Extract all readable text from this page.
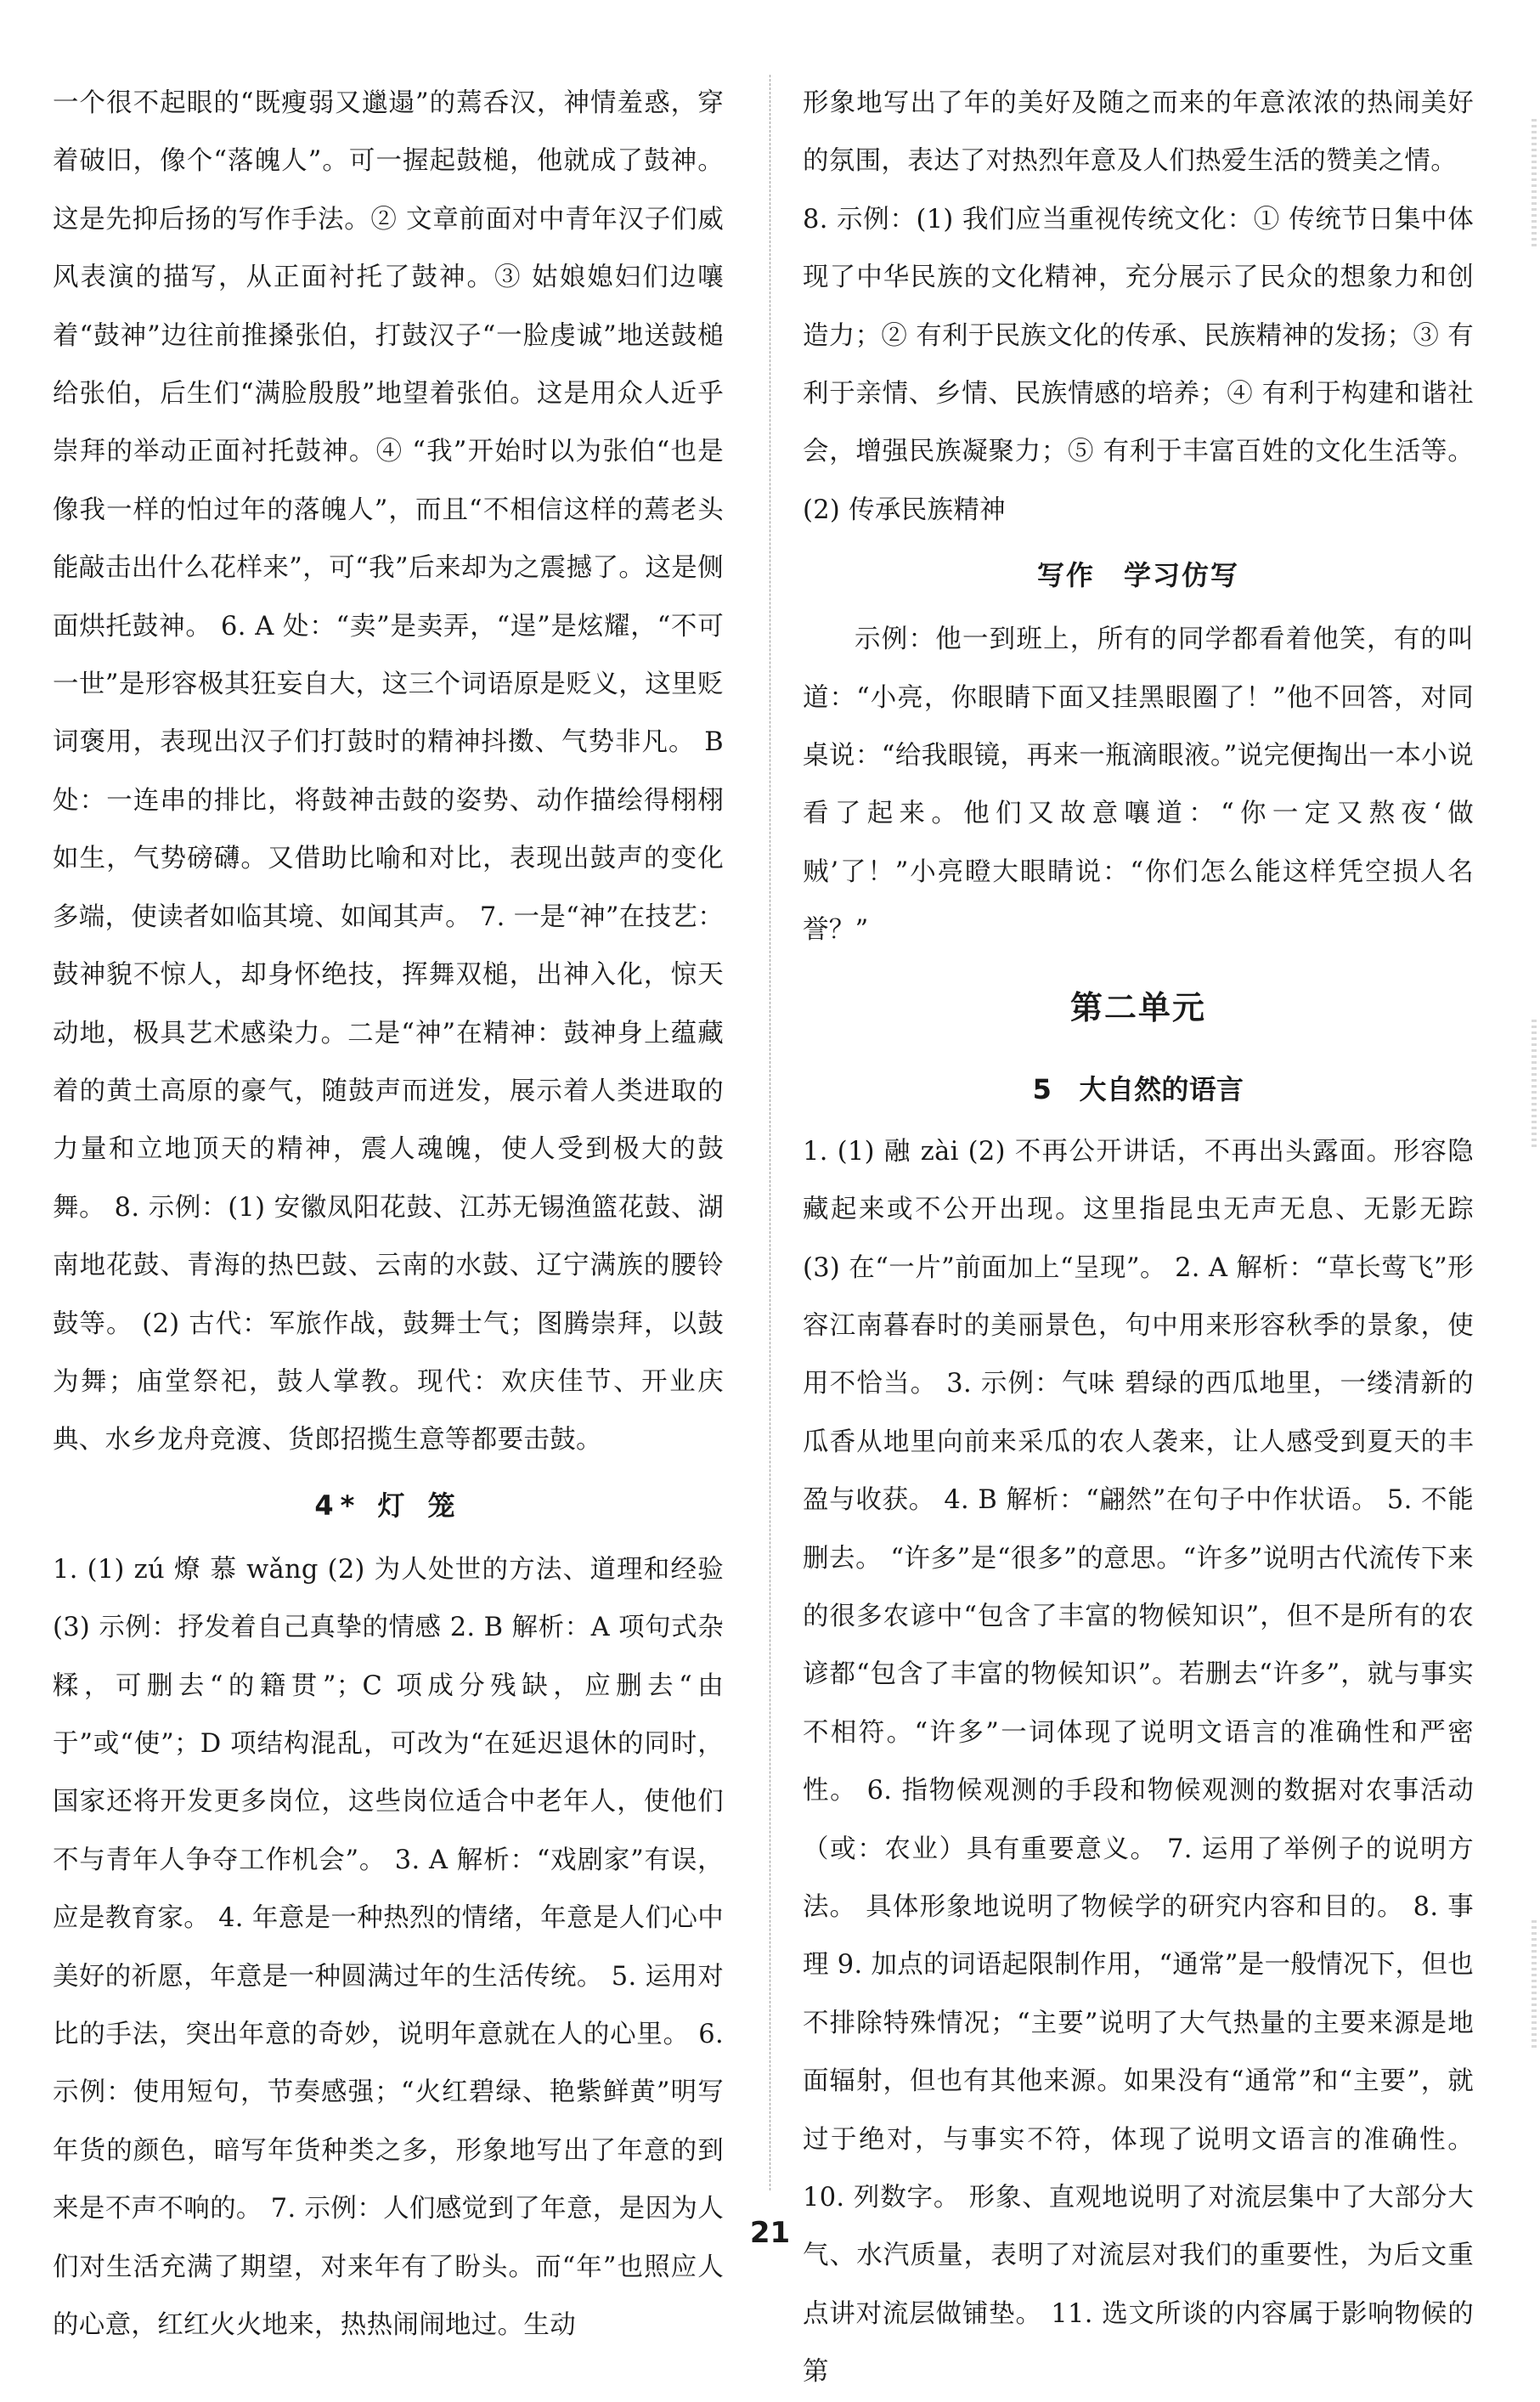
一个很不起眼的“既瘦弱又邋遢”的蔫呑汉，神情羞惑，穿着破旧，像个“落魄人”。可一握起鼓槌，他就成了鼓神。这是先抑后扬的写作手法。② 文章前面对中青年汉子们威风表演的描写，从正面衬托了鼓神。③ 姑娘媳妇们边嚷着“鼓神”边往前推搡张伯，打鼓汉子“一脸虔诚”地送鼓槌给张伯，后生们“满脸殷殷”地望着张伯。这是用众人近乎崇拜的举动正面衬托鼓神。④ “我”开始时以为张伯“也是像我一样的怕过年的落魄人”，而且“不相信这样的蔫老头能敲击出什么花样来”，可“我”后来却为之震撼了。这是侧面烘托鼓神。 6. A 处：“卖”是卖弄，“逞”是炫耀，“不可一世”是形容极其狂妄自大，这三个词语原是贬义，这里贬词褒用，表现出汉子们打鼓时的精神抖擞、气势非凡。 B 处：一连串的排比，将鼓神击鼓的姿势、动作描绘得栩栩如生，气势磅礴。又借助比喻和对比，表现出鼓声的变化多端，使读者如临其境、如闻其声。 7. 一是“神”在技艺：鼓神貌不惊人，却身怀绝技，挥舞双槌，出神入化，惊天动地，极具艺术感染力。二是“神”在精神：鼓神身上蕴藏着的黄土高原的豪气，随鼓声而迸发，展示着人类进取的力量和立地顶天的精神，震人魂魄，使人受到极大的鼓舞。 8. 示例：(1) 安徽凤阳花鼓、江苏无锡渔篮花鼓、湖南地花鼓、青海的热巴鼓、云南的水鼓、辽宁满族的腰铃鼓等。 (2) 古代：军旅作战，鼓舞士气；图腾崇拜，以鼓为舞；庙堂祭祀，鼓人掌教。现代：欢庆佳节、开业庆典、水乡龙舟竞渡、货郎招揽生意等都要击鼓。

4* 灯 笼

1. (1) zú 燎 慕 wǎng (2) 为人处世的方法、道理和经验 (3) 示例：抒发着自己真挚的情感 2. B 解析：A 项句式杂糅，可删去“的籍贯”；C 项成分残缺，应删去“由于”或“使”；D 项结构混乱，可改为“在延迟退休的同时，国家还将开发更多岗位，这些岗位适合中老年人，使他们不与青年人争夺工作机会”。 3. A 解析：“戏剧家”有误，应是教育家。 4. 年意是一种热烈的情绪，年意是人们心中美好的祈愿，年意是一种圆满过年的生活传统。 5. 运用对比的手法，突出年意的奇妙，说明年意就在人的心里。 6. 示例：使用短句，节奏感强；“火红碧绿、艳紫鲜黄”明写年货的颜色，暗写年货种类之多，形象地写出了年意的到来是不声不响的。 7. 示例：人们感觉到了年意，是因为人们对生活充满了期望，对来年有了盼头。而“年”也照应人的心意，红红火火地来，热热闹闹地过。生动

形象地写出了年的美好及随之而来的年意浓浓的热闹美好的氛围，表达了对热烈年意及人们热爱生活的赞美之情。

8. 示例：(1) 我们应当重视传统文化：① 传统节日集中体现了中华民族的文化精神，充分展示了民众的想象力和创造力；② 有利于民族文化的传承、民族精神的发扬；③ 有利于亲情、乡情、民族情感的培养；④ 有利于构建和谐社会，增强民族凝聚力；⑤ 有利于丰富百姓的文化生活等。 (2) 传承民族精神

写作　学习仿写

示例：他一到班上，所有的同学都看着他笑，有的叫道：“小亮，你眼睛下面又挂黑眼圈了！”他不回答，对同桌说：“给我眼镜，再来一瓶滴眼液。”说完便掏出一本小说看了起来。他们又故意嚷道：“你一定又熬夜‘做贼’了！”小亮瞪大眼睛说：“你们怎么能这样凭空损人名誉？”

第二单元
5　大自然的语言

1. (1) 融 zài (2) 不再公开讲话，不再出头露面。形容隐藏起来或不公开出现。这里指昆虫无声无息、无影无踪 (3) 在“一片”前面加上“呈现”。 2. A 解析：“草长莺飞”形容江南暮春时的美丽景色，句中用来形容秋季的景象，使用不恰当。 3. 示例：气味 碧绿的西瓜地里，一缕清新的瓜香从地里向前来采瓜的农人袭来，让人感受到夏天的丰盈与收获。 4. B 解析：“翩然”在句子中作状语。 5. 不能删去。 “许多”是“很多”的意思。“许多”说明古代流传下来的很多农谚中“包含了丰富的物候知识”，但不是所有的农谚都“包含了丰富的物候知识”。若删去“许多”，就与事实不相符。“许多”一词体现了说明文语言的准确性和严密性。 6. 指物候观测的手段和物候观测的数据对农事活动（或：农业）具有重要意义。 7. 运用了举例子的说明方法。 具体形象地说明了物候学的研究内容和目的。 8. 事理 9. 加点的词语起限制作用，“通常”是一般情况下，但也不排除特殊情况；“主要”说明了大气热量的主要来源是地面辐射，但也有其他来源。如果没有“通常”和“主要”，就过于绝对，与事实不符，体现了说明文语言的准确性。 10. 列数字。 形象、直观地说明了对流层集中了大部分大气、水汽质量，表明了对流层对我们的重要性，为后文重点讲对流层做铺垫。 11. 选文所谈的内容属于影响物候的第

21
